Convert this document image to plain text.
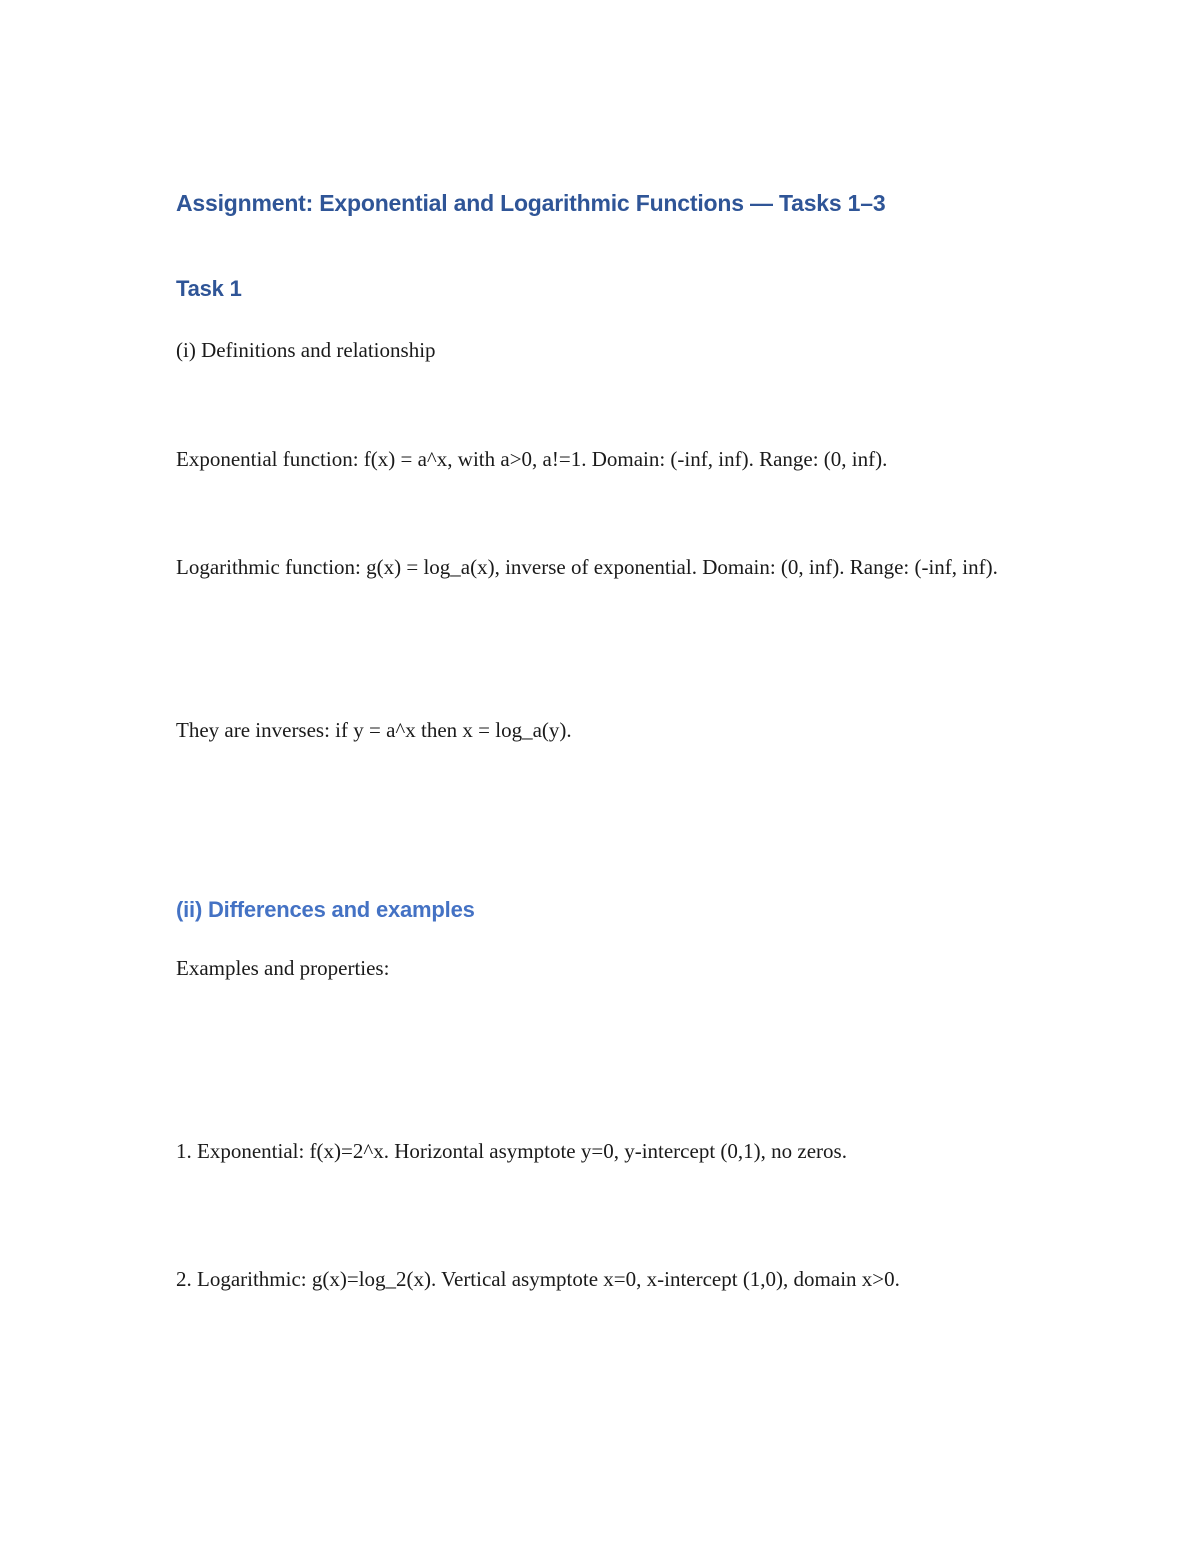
Assignment: Exponential and Logarithmic Functions — Tasks 1–3
Task 1

(i) Definitions and relationship

Exponential function: f(x) = a^x, with a>0, a!=1. Domain: (-inf, inf). Range: (0, inf).

Logarithmic function: g(x) = log_a(x), inverse of exponential. Domain: (0, inf). Range: (-inf, inf).

They are inverses: if y = a^x then x = log_a(y).

(ii) Differences and examples

Examples and properties:

1. Exponential: f(x)=2^x. Horizontal asymptote y=0, y-intercept (0,1), no zeros.

2. Logarithmic: g(x)=log_2(x). Vertical asymptote x=0, x-intercept (1,0), domain x>0.
